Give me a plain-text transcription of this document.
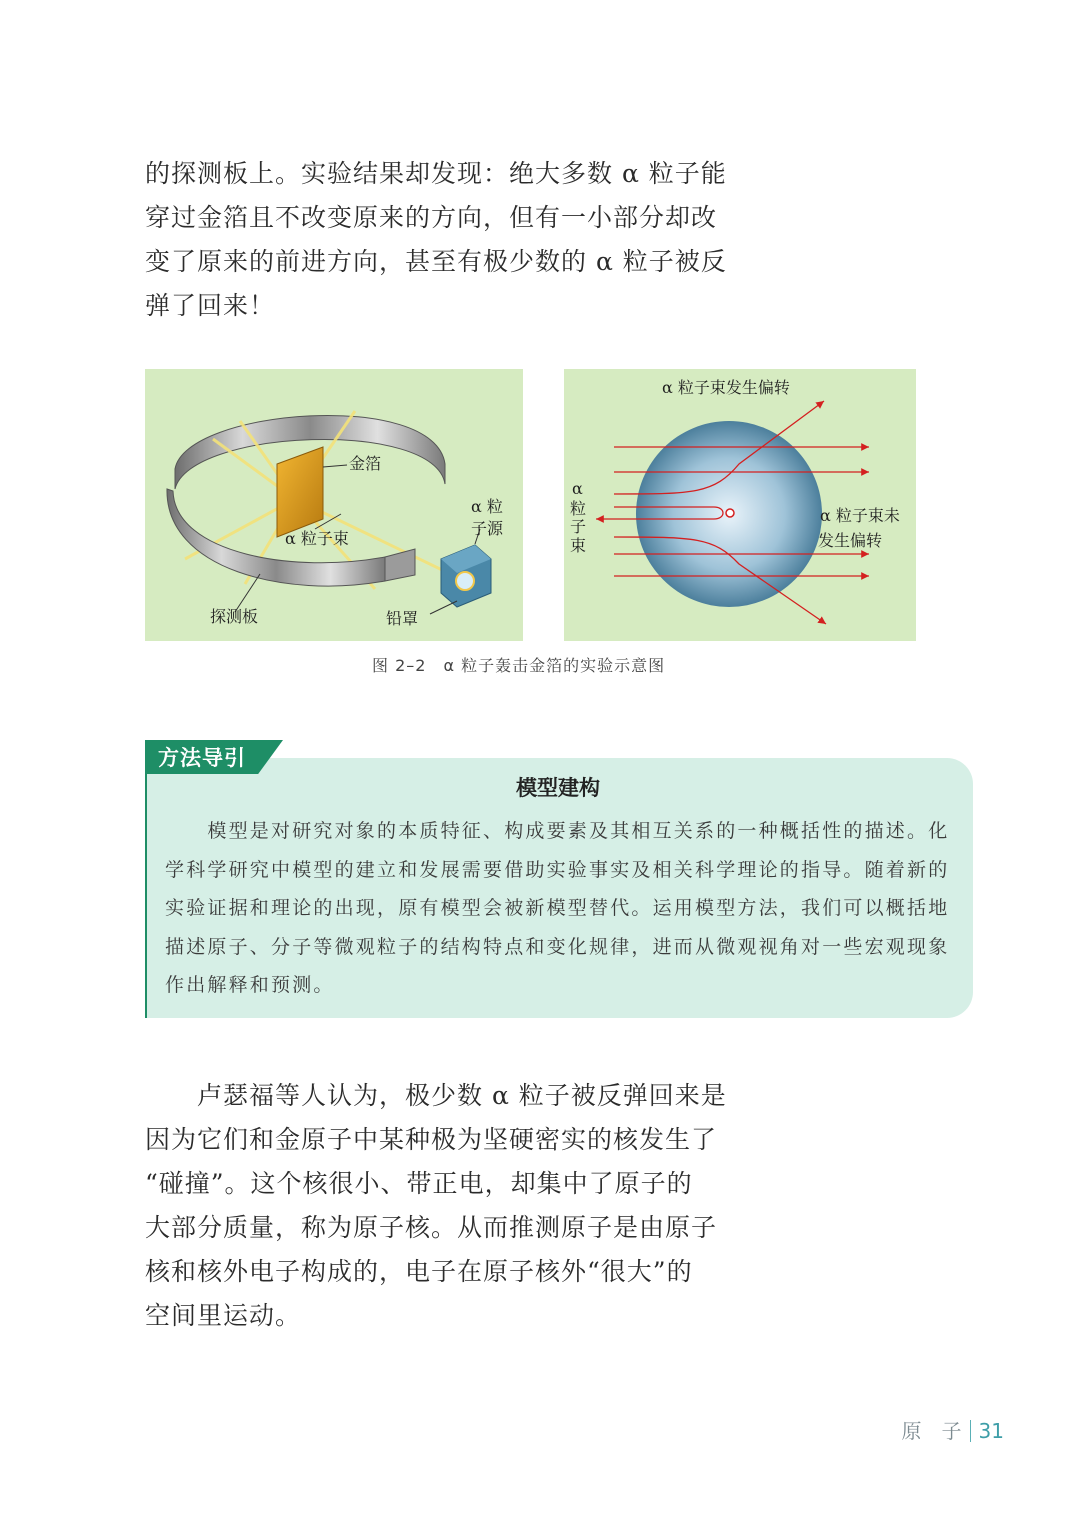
的探测板上。实验结果却发现：绝大多数 α 粒子能
穿过金箔且不改变原来的方向，但有一小部分却改
变了原来的前进方向，甚至有极少数的 α 粒子被反
弹了回来！
金箔
α 粒子束
α 粒
子源
探测板	铅罩
α 粒子束发生偏转
α
粒
子
束
α 粒子束未
发生偏转
图 2–2　α 粒子轰击金箔的实验示意图
方法导引
模型建构
　　模型是对研究对象的本质特征、构成要素及其相互关系的一种概括性的描述。化
学科学研究中模型的建立和发展需要借助实验事实及相关科学理论的指导。随着新的
实验证据和理论的出现，原有模型会被新模型替代。运用模型方法，我们可以概括地
描述原子、分子等微观粒子的结构特点和变化规律，进而从微观视角对一些宏观现象
作出解释和预测。
　　卢瑟福等人认为，极少数 α 粒子被反弹回来是
因为它们和金原子中某种极为坚硬密实的核发生了
“碰撞”。这个核很小、带正电，却集中了原子的
大部分质量，称为原子核。从而推测原子是由原子
核和核外电子构成的，电子在原子核外“很大”的
空间里运动。
原　子 31
